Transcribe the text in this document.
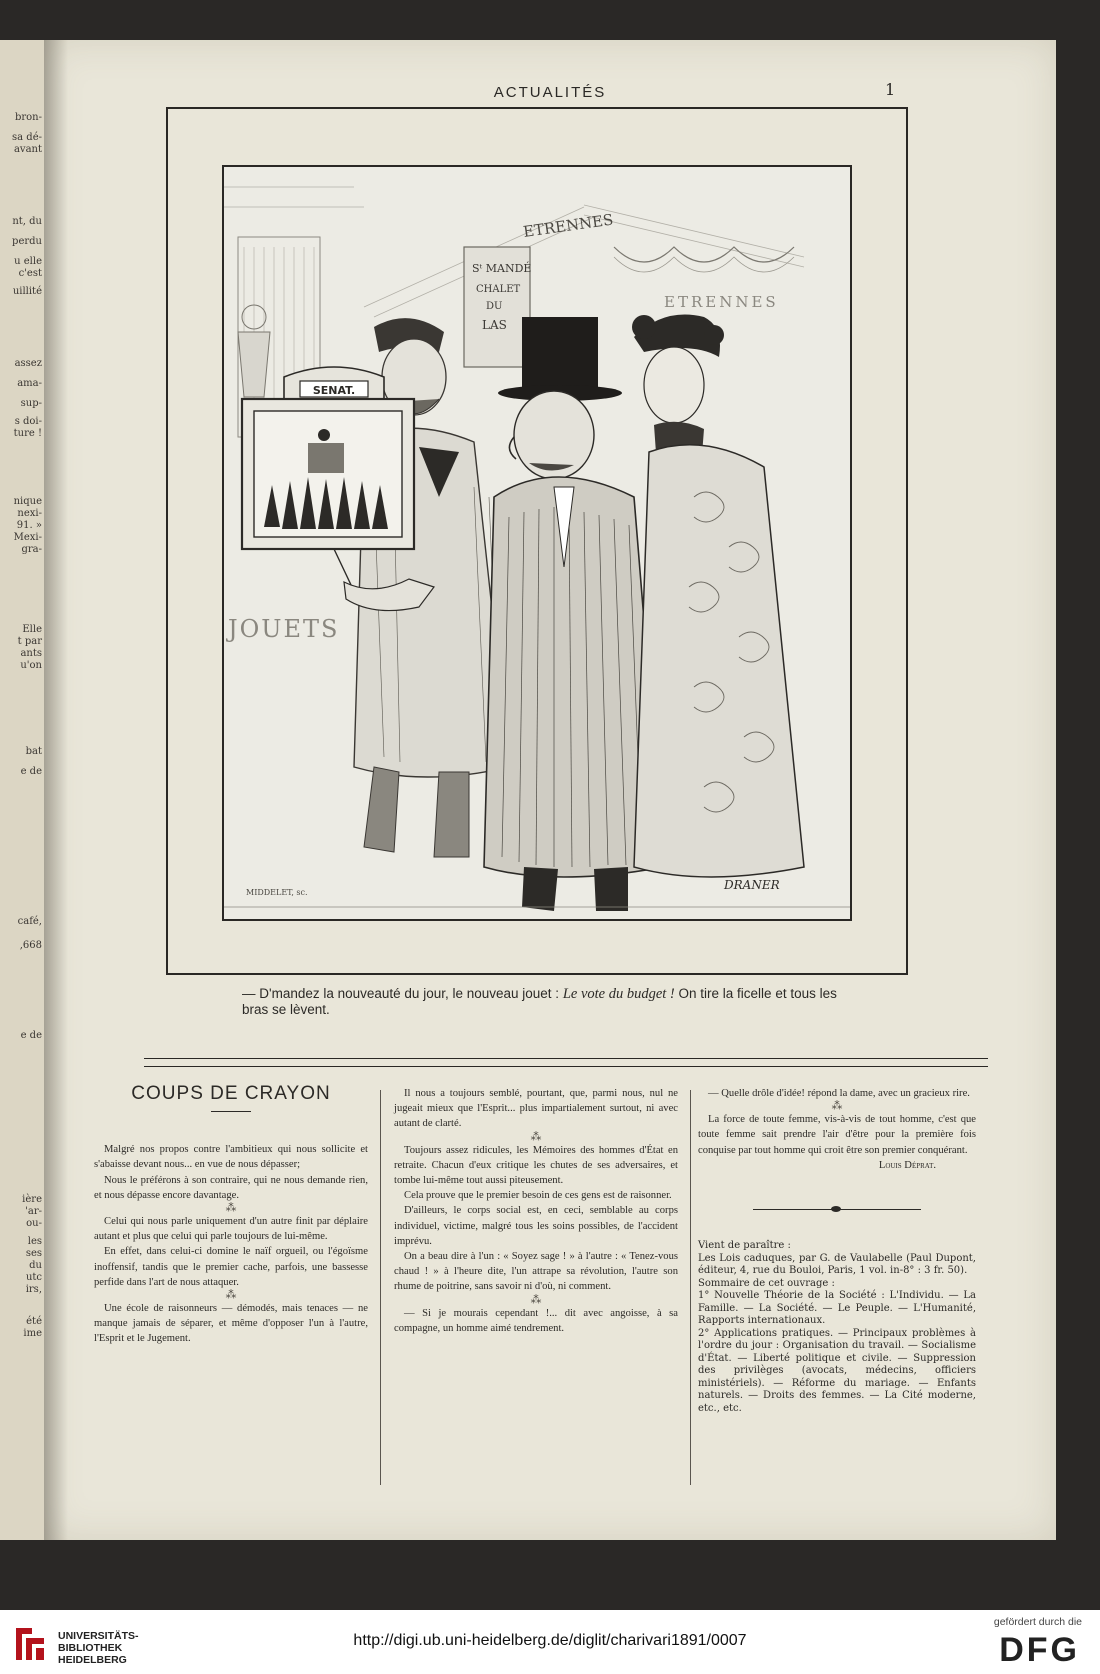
bron-
sa dé-
avant
nt, du
perdu
u elle
c'est
uillité
assez
ama-
sup-
s doi-
ture !
nique
nexi-
91. »
Mexi-
gra-
Elle
t par
ants
u'on
bat
e de
café,
,668
e de
ière
'ar-
ou-
les
ses
du
utc
irs,
été
ime
ACTUALITÉS	1
Sᵗ MANDÉ
CHALET
DU
LAS
ETRENNES
ETRENNES
JOUETS
SENAT.
MIDDELET, sc.
DRANER
— D'mandez la nouveauté du jour, le nouveau jouet : Le vote du budget ! On tire la ficelle et tous les bras se lèvent.

COUPS DE CRAYON

Malgré nos propos contre l'ambitieux qui nous sollicite et s'abaisse devant nous... en vue de nous dépasser;

Nous le préférons à son contraire, qui ne nous demande rien, et nous dépasse encore davantage.

⁂

Celui qui nous parle uniquement d'un autre finit par déplaire autant et plus que celui qui parle toujours de lui-même.

En effet, dans celui-ci domine le naïf orgueil, ou l'égoïsme inoffensif, tandis que le premier cache, parfois, une bassesse perfide dans l'art de nous attaquer.

⁂

Une école de raisonneurs — démodés, mais tenaces — ne manque jamais de séparer, et même d'opposer l'un à l'autre, l'Esprit et le Jugement.

Il nous a toujours semblé, pourtant, que, parmi nous, nul ne jugeait mieux que l'Esprit... plus impartialement surtout, ni avec autant de clarté.

⁂

Toujours assez ridicules, les Mémoires des hommes d'État en retraite. Chacun d'eux critique les chutes de ses adversaires, et tombe lui-même tout aussi piteusement.

Cela prouve que le premier besoin de ces gens est de raisonner.

D'ailleurs, le corps social est, en ceci, semblable au corps individuel, victime, malgré tous les soins possibles, de l'accident imprévu.

On a beau dire à l'un : « Soyez sage ! » à l'autre : « Tenez-vous chaud ! » à l'heure dite, l'un attrape sa révolution, l'autre son rhume de poitrine, sans savoir ni d'où, ni comment.

⁂

— Si je mourais cependant !... dit avec angoisse, à sa compagne, un homme aimé tendrement.

— Quelle drôle d'idée! répond la dame, avec un gracieux rire.

⁂

La force de toute femme, vis-à-vis de tout homme, c'est que toute femme sait prendre l'air d'être pour la première fois conquise par tout homme qui croit être son premier conquérant.

Louis Déprat.

Vient de paraître :

Les Lois caduques, par G. de Vaulabelle (Paul Dupont, éditeur, 4, rue du Bouloi, Paris, 1 vol. in-8° : 3 fr. 50).

Sommaire de cet ouvrage :

1° Nouvelle Théorie de la Société : L'Individu. — La Famille. — La Société. — Le Peuple. — L'Humanité, Rapports internationaux.

2° Applications pratiques. — Principaux problèmes à l'ordre du jour : Organisation du travail. — Socialisme d'État. — Liberté politique et civile. — Suppression des privilèges (avocats, médecins, officiers ministériels). — Réforme du mariage. — Enfants naturels. — Droits des femmes. — La Cité moderne, etc., etc.

UNIVERSITÄTS-
BIBLIOTHEK
HEIDELBERG
http://digi.ub.uni-heidelberg.de/diglit/charivari1891/0007
gefördert durch die
DFG
